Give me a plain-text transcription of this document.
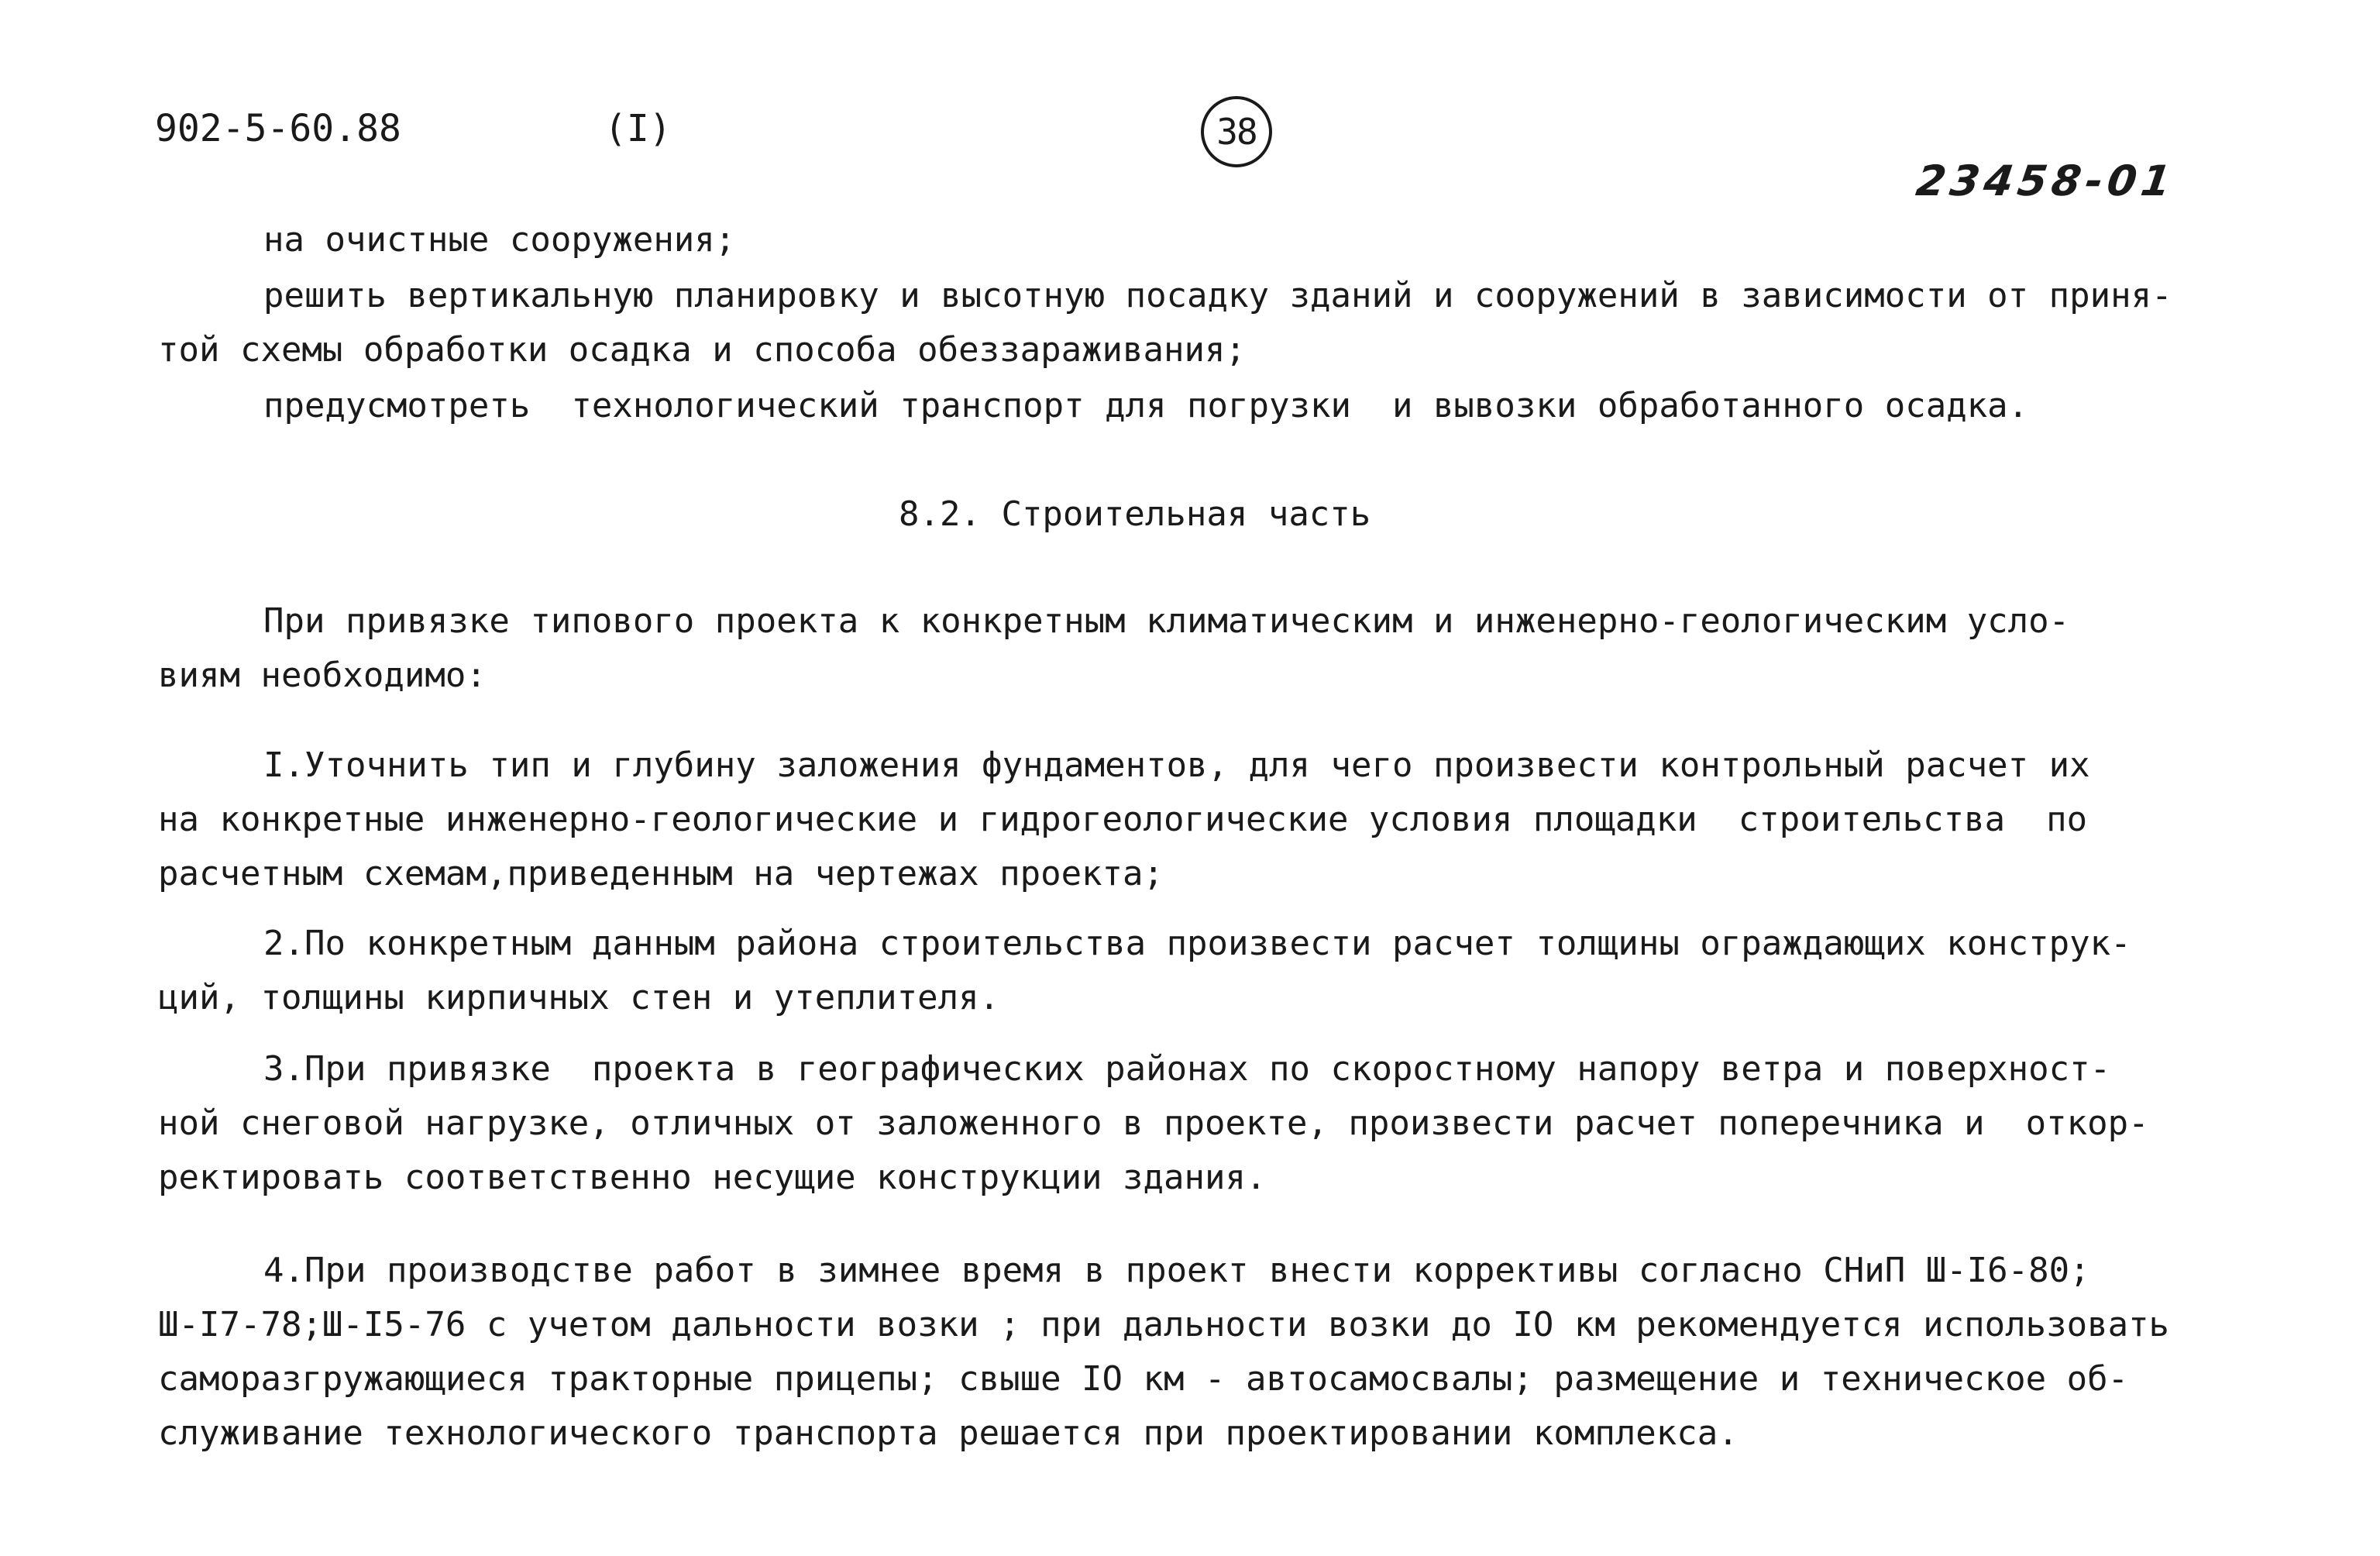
902-5-60.88	(I)	38
23458-01
на очистные сооружения;
решить вертикальную планировку и высотную посадку зданий и сооружений в зависимости от приня-
той схемы обработки осадка и способа обеззараживания;
предусмотреть  технологический транспорт для погрузки  и вывозки обработанного осадка.
8.2. Строительная часть
При привязке типового проекта к конкретным климатическим и инженерно-геологическим усло-
виям необходимо:
I.Уточнить тип и глубину заложения фундаментов, для чего произвести контрольный расчет их
на конкретные инженерно-геологические и гидрогеологические условия площадки  строительства  по
расчетным схемам,приведенным на чертежах проекта;
2.По конкретным данным района строительства произвести расчет толщины ограждающих конструк-
ций, толщины кирпичных стен и утеплителя.
3.При привязке  проекта в географических районах по скоростному напору ветра и поверхност-
ной снеговой нагрузке, отличных от заложенного в проекте, произвести расчет поперечника и  откор-
ректировать соответственно несущие конструкции здания.
4.При производстве работ в зимнее время в проект внести коррективы согласно СНиП Ш-I6-80;
Ш-I7-78;Ш-I5-76 с учетом дальности возки ; при дальности возки до IO км рекомендуется использовать
саморазгружающиеся тракторные прицепы; свыше IO км - автосамосвалы; размещение и техническое об-
служивание технологического транспорта решается при проектировании комплекса.
